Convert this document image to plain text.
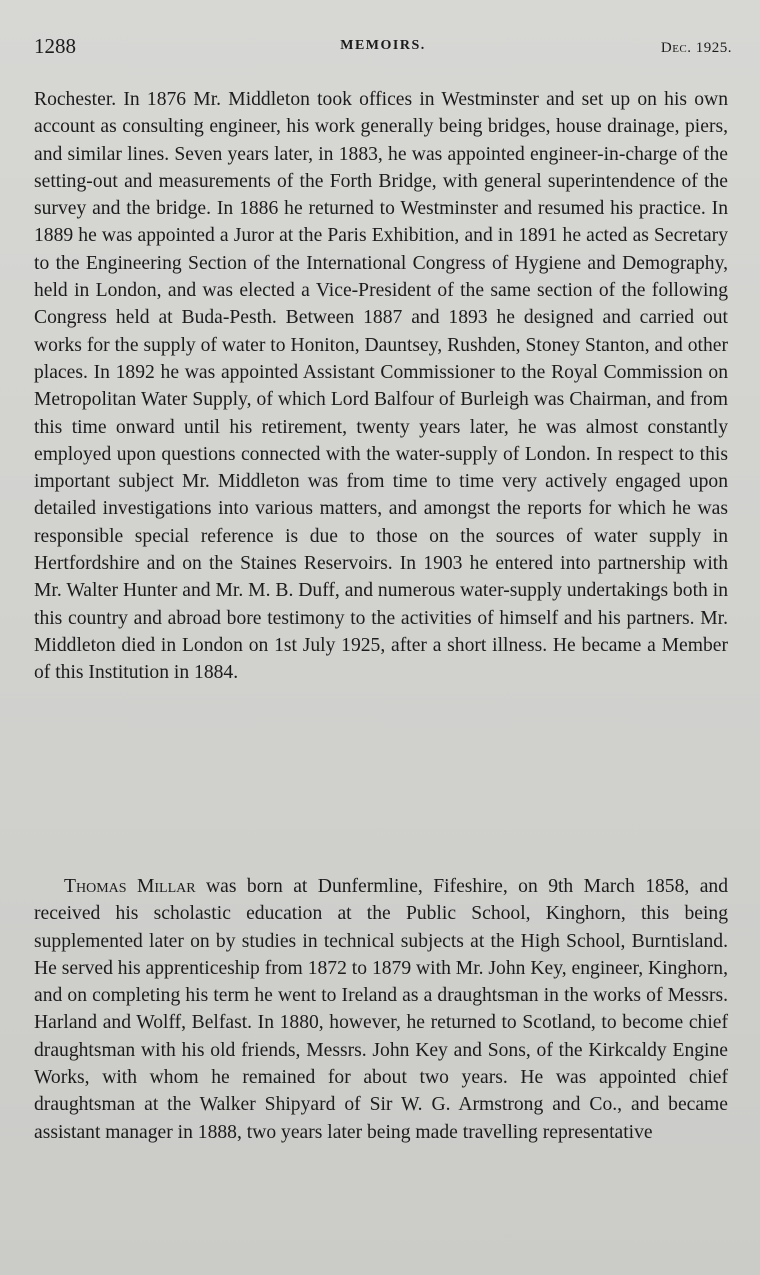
1288	MEMOIRS.	Dec. 1925.

Rochester. In 1876 Mr. Middleton took offices in Westminster and set up on his own account as consulting engineer, his work generally being bridges, house drainage, piers, and similar lines. Seven years later, in 1883, he was appointed engineer-in-charge of the setting-out and measurements of the Forth Bridge, with general superintendence of the survey and the bridge. In 1886 he returned to Westminster and resumed his practice. In 1889 he was appointed a Juror at the Paris Exhibition, and in 1891 he acted as Secretary to the Engineering Section of the International Congress of Hygiene and Demography, held in London, and was elected a Vice-President of the same section of the following Congress held at Buda-Pesth. Between 1887 and 1893 he designed and carried out works for the supply of water to Honiton, Dauntsey, Rushden, Stoney Stanton, and other places. In 1892 he was appointed Assistant Commissioner to the Royal Commission on Metropolitan Water Supply, of which Lord Balfour of Burleigh was Chairman, and from this time onward until his retirement, twenty years later, he was almost constantly employed upon questions connected with the water-supply of London. In respect to this important subject Mr. Middleton was from time to time very actively engaged upon detailed investigations into various matters, and amongst the reports for which he was responsible special reference is due to those on the sources of water supply in Hertfordshire and on the Staines Reservoirs. In 1903 he entered into partnership with Mr. Walter Hunter and Mr. M. B. Duff, and numerous water-supply undertakings both in this country and abroad bore testimony to the activities of himself and his partners. Mr. Middleton died in London on 1st July 1925, after a short illness. He became a Member of this Institution in 1884.

Thomas Millar was born at Dunfermline, Fifeshire, on 9th March 1858, and received his scholastic education at the Public School, Kinghorn, this being supplemented later on by studies in technical subjects at the High School, Burntisland. He served his apprenticeship from 1872 to 1879 with Mr. John Key, engineer, Kinghorn, and on completing his term he went to Ireland as a draughtsman in the works of Messrs. Harland and Wolff, Belfast. In 1880, however, he returned to Scotland, to become chief draughtsman with his old friends, Messrs. John Key and Sons, of the Kirkcaldy Engine Works, with whom he remained for about two years. He was appointed chief draughtsman at the Walker Shipyard of Sir W. G. Armstrong and Co., and became assistant manager in 1888, two years later being made travelling representative
